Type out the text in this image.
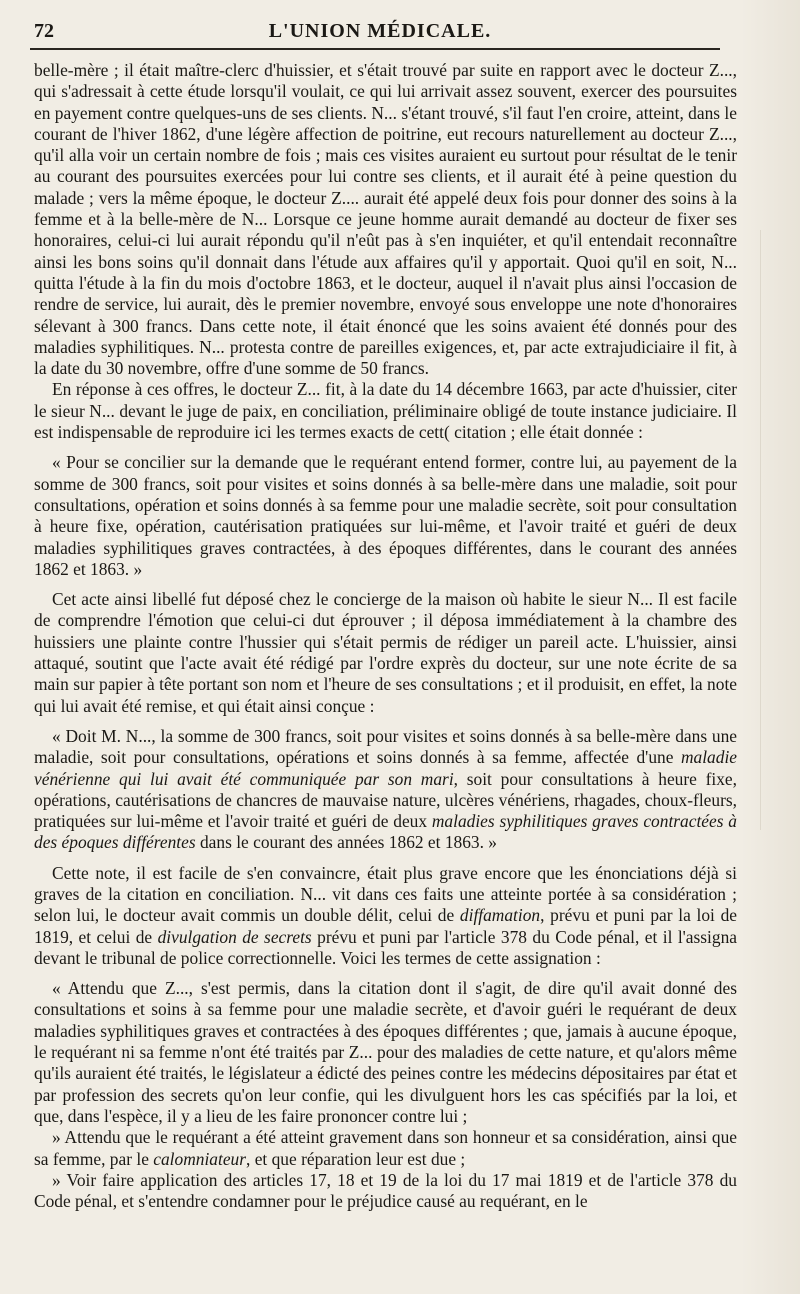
72	L'UNION MÉDICALE.

belle-mère ; il était maître-clerc d'huissier, et s'était trouvé par suite en rapport avec le docteur Z..., qui s'adressait à cette étude lorsqu'il voulait, ce qui lui arrivait assez souvent, exercer des poursuites en payement contre quelques-uns de ses clients. N... s'étant trouvé, s'il faut l'en croire, atteint, dans le courant de l'hiver 1862, d'une légère affection de poitrine, eut recours naturellement au docteur Z..., qu'il alla voir un certain nombre de fois ; mais ces visites auraient eu surtout pour résultat de le tenir au courant des poursuites exercées pour lui contre ses clients, et il aurait été à peine question du malade ; vers la même époque, le docteur Z.... aurait été appelé deux fois pour donner des soins à la femme et à la belle-mère de N... Lorsque ce jeune homme aurait demandé au docteur de fixer ses honoraires, celui-ci lui aurait répondu qu'il n'eût pas à s'en inquiéter, et qu'il entendait reconnaître ainsi les bons soins qu'il donnait dans l'étude aux affaires qu'il y apportait. Quoi qu'il en soit, N... quitta l'étude à la fin du mois d'octobre 1863, et le docteur, auquel il n'avait plus ainsi l'occasion de rendre de service, lui aurait, dès le premier novembre, envoyé sous enveloppe une note d'honoraires sélevant à 300 francs. Dans cette note, il était énoncé que les soins avaient été donnés pour des maladies syphilitiques. N... protesta contre de pareilles exigences, et, par acte extrajudiciaire il fit, à la date du 30 novembre, offre d'une somme de 50 francs.

En réponse à ces offres, le docteur Z... fit, à la date du 14 décembre 1663, par acte d'huissier, citer le sieur N... devant le juge de paix, en conciliation, préliminaire obligé de toute instance judiciaire. Il est indispensable de reproduire ici les termes exacts de cett( citation ; elle était donnée :

« Pour se concilier sur la demande que le requérant entend former, contre lui, au payement de la somme de 300 francs, soit pour visites et soins donnés à sa belle-mère dans une maladie, soit pour consultations, opération et soins donnés à sa femme pour une maladie secrète, soit pour consultation à heure fixe, opération, cautérisation pratiquées sur lui-même, et l'avoir traité et guéri de deux maladies syphilitiques graves contractées, à des époques différentes, dans le courant des années 1862 et 1863. »

Cet acte ainsi libellé fut déposé chez le concierge de la maison où habite le sieur N... Il est facile de comprendre l'émotion que celui-ci dut éprouver ; il déposa immédiatement à la chambre des huissiers une plainte contre l'hussier qui s'était permis de rédiger un pareil acte. L'huissier, ainsi attaqué, soutint que l'acte avait été rédigé par l'ordre exprès du docteur, sur une note écrite de sa main sur papier à tête portant son nom et l'heure de ses consultations ; et il produisit, en effet, la note qui lui avait été remise, et qui était ainsi conçue :

« Doit M. N..., la somme de 300 francs, soit pour visites et soins donnés à sa belle-mère dans une maladie, soit pour consultations, opérations et soins donnés à sa femme, affectée d'une maladie vénérienne qui lui avait été communiquée par son mari, soit pour consultations à heure fixe, opérations, cautérisations de chancres de mauvaise nature, ulcères vénériens, rhagades, choux-fleurs, pratiquées sur lui-même et l'avoir traité et guéri de deux maladies syphilitiques graves contractées à des époques différentes dans le courant des années 1862 et 1863. »

Cette note, il est facile de s'en convaincre, était plus grave encore que les énonciations déjà si graves de la citation en conciliation. N... vit dans ces faits une atteinte portée à sa considération ; selon lui, le docteur avait commis un double délit, celui de diffamation, prévu et puni par la loi de 1819, et celui de divulgation de secrets prévu et puni par l'article 378 du Code pénal, et il l'assigna devant le tribunal de police correctionnelle. Voici les termes de cette assignation :

« Attendu que Z..., s'est permis, dans la citation dont il s'agit, de dire qu'il avait donné des consultations et soins à sa femme pour une maladie secrète, et d'avoir guéri le requérant de deux maladies syphilitiques graves et contractées à des époques différentes ; que, jamais à aucune époque, le requérant ni sa femme n'ont été traités par Z... pour des maladies de cette nature, et qu'alors même qu'ils auraient été traités, le législateur a édicté des peines contre les médecins dépositaires par état et par profession des secrets qu'on leur confie, qui les divulguent hors les cas spécifiés par la loi, et que, dans l'espèce, il y a lieu de les faire prononcer contre lui ;

» Attendu que le requérant a été atteint gravement dans son honneur et sa considération, ainsi que sa femme, par le calomniateur, et que réparation leur est due ;

» Voir faire application des articles 17, 18 et 19 de la loi du 17 mai 1819 et de l'article 378 du Code pénal, et s'entendre condamner pour le préjudice causé au requérant, en le
